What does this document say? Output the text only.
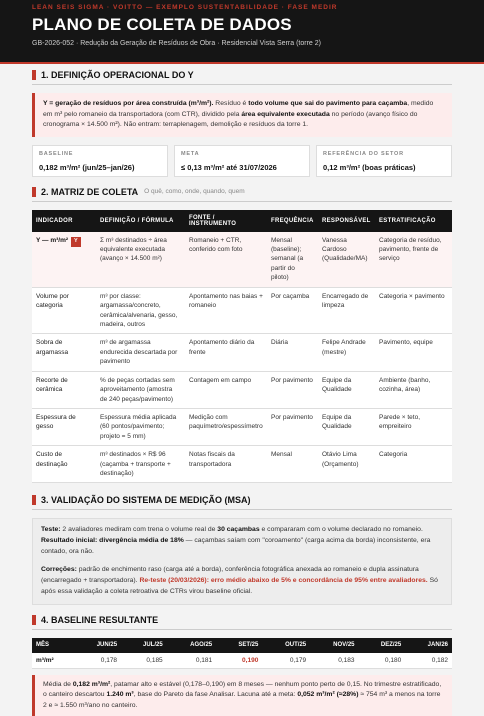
LEAN SEIS SIGMA · VOITTO — EXEMPLO SUSTENTABILIDADE · FASE MEDIR
PLANO DE COLETA DE DADOS
GB-2026-052 · Redução da Geração de Resíduos de Obra · Residencial Vista Serra (torre 2)
1. DEFINIÇÃO OPERACIONAL DO Y
Y = geração de resíduos por área construída (m³/m²). Resíduo é todo volume que sai do pavimento para caçamba, medido em m³ pelo romaneio da transportadora (com CTR), dividido pela área equivalente executada no período (avanço físico do cronograma × 14.500 m²). Não entram: terraplenagem, demolição e resíduos da torre 1.
BASELINE
0,182 m³/m² (jun/25–jan/26)
META
≤ 0,13 m³/m² até 31/07/2026
REFERÊNCIA DO SETOR
0,12 m³/m² (boas práticas)
2. MATRIZ DE COLETA O quê, como, onde, quando, quem
INDICADOR	DEFINIÇÃO / FÓRMULA	FONTE / INSTRUMENTO	FREQUÊNCIA	RESPONSÁVEL	ESTRATIFICAÇÃO
Y — m³/m² Y	Σ m³ destinados ÷ área equivalente executada (avanço × 14.500 m²)	Romaneio + CTR, conferido com foto	Mensal (baseline); semanal (a partir do piloto)	Vanessa Cardoso (Qualidade/MA)	Categoria de resíduo, pavimento, frente de serviço
Volume por categoria	m³ por classe: argamassa/concreto, cerâmica/alvenaria, gesso, madeira, outros	Apontamento nas baias + romaneio	Por caçamba	Encarregado de limpeza	Categoria × pavimento
Sobra de argamassa	m³ de argamassa endurecida descartada por pavimento	Apontamento diário da frente	Diária	Felipe Andrade (mestre)	Pavimento, equipe
Recorte de cerâmica	% de peças cortadas sem aproveitamento (amostra de 240 peças/pavimento)	Contagem em campo	Por pavimento	Equipe da Qualidade	Ambiente (banho, cozinha, área)
Espessura de gesso	Espessura média aplicada (60 pontos/pavimento; projeto = 5 mm)	Medição com paquímetro/espessímetro	Por pavimento	Equipe da Qualidade	Parede × teto, empreiteiro
Custo de destinação	m³ destinados × R$ 96 (caçamba + transporte + destinação)	Notas fiscais da transportadora	Mensal	Otávio Lima (Orçamento)	Categoria
3. VALIDAÇÃO DO SISTEMA DE MEDIÇÃO (MSA)

Teste: 2 avaliadores mediram com trena o volume real de 30 caçambas e compararam com o volume declarado no romaneio. Resultado inicial: divergência média de 18% — caçambas saíam com "coroamento" (carga acima da borda) inconsistente, era contado, ora não.

Correções: padrão de enchimento raso (carga até a borda), conferência fotográfica anexada ao romaneio e dupla assinatura (encarregado + transportadora). Re-teste (20/03/2026): erro médio abaixo de 5% e concordância de 95% entre avaliadores. Só após essa validação a coleta retroativa de CTRs virou baseline oficial.

4. BASELINE RESULTANTE
MÊS	JUN/25	JUL/25	AGO/25	SET/25	OUT/25	NOV/25	DEZ/25	JAN/26
m³/m²	0,178	0,185	0,181	0,190	0,179	0,183	0,180	0,182
Média de 0,182 m³/m², patamar alto e estável (0,178–0,190) em 8 meses — nenhum ponto perto de 0,15. No trimestre estratificado, o canteiro descartou 1.240 m³, base do Pareto da fase Analisar. Lacuna até a meta: 0,052 m³/m² (≈28%) ≈ 754 m³ a menos na torre 2 e ≈ 1.550 m³/ano no canteiro.
